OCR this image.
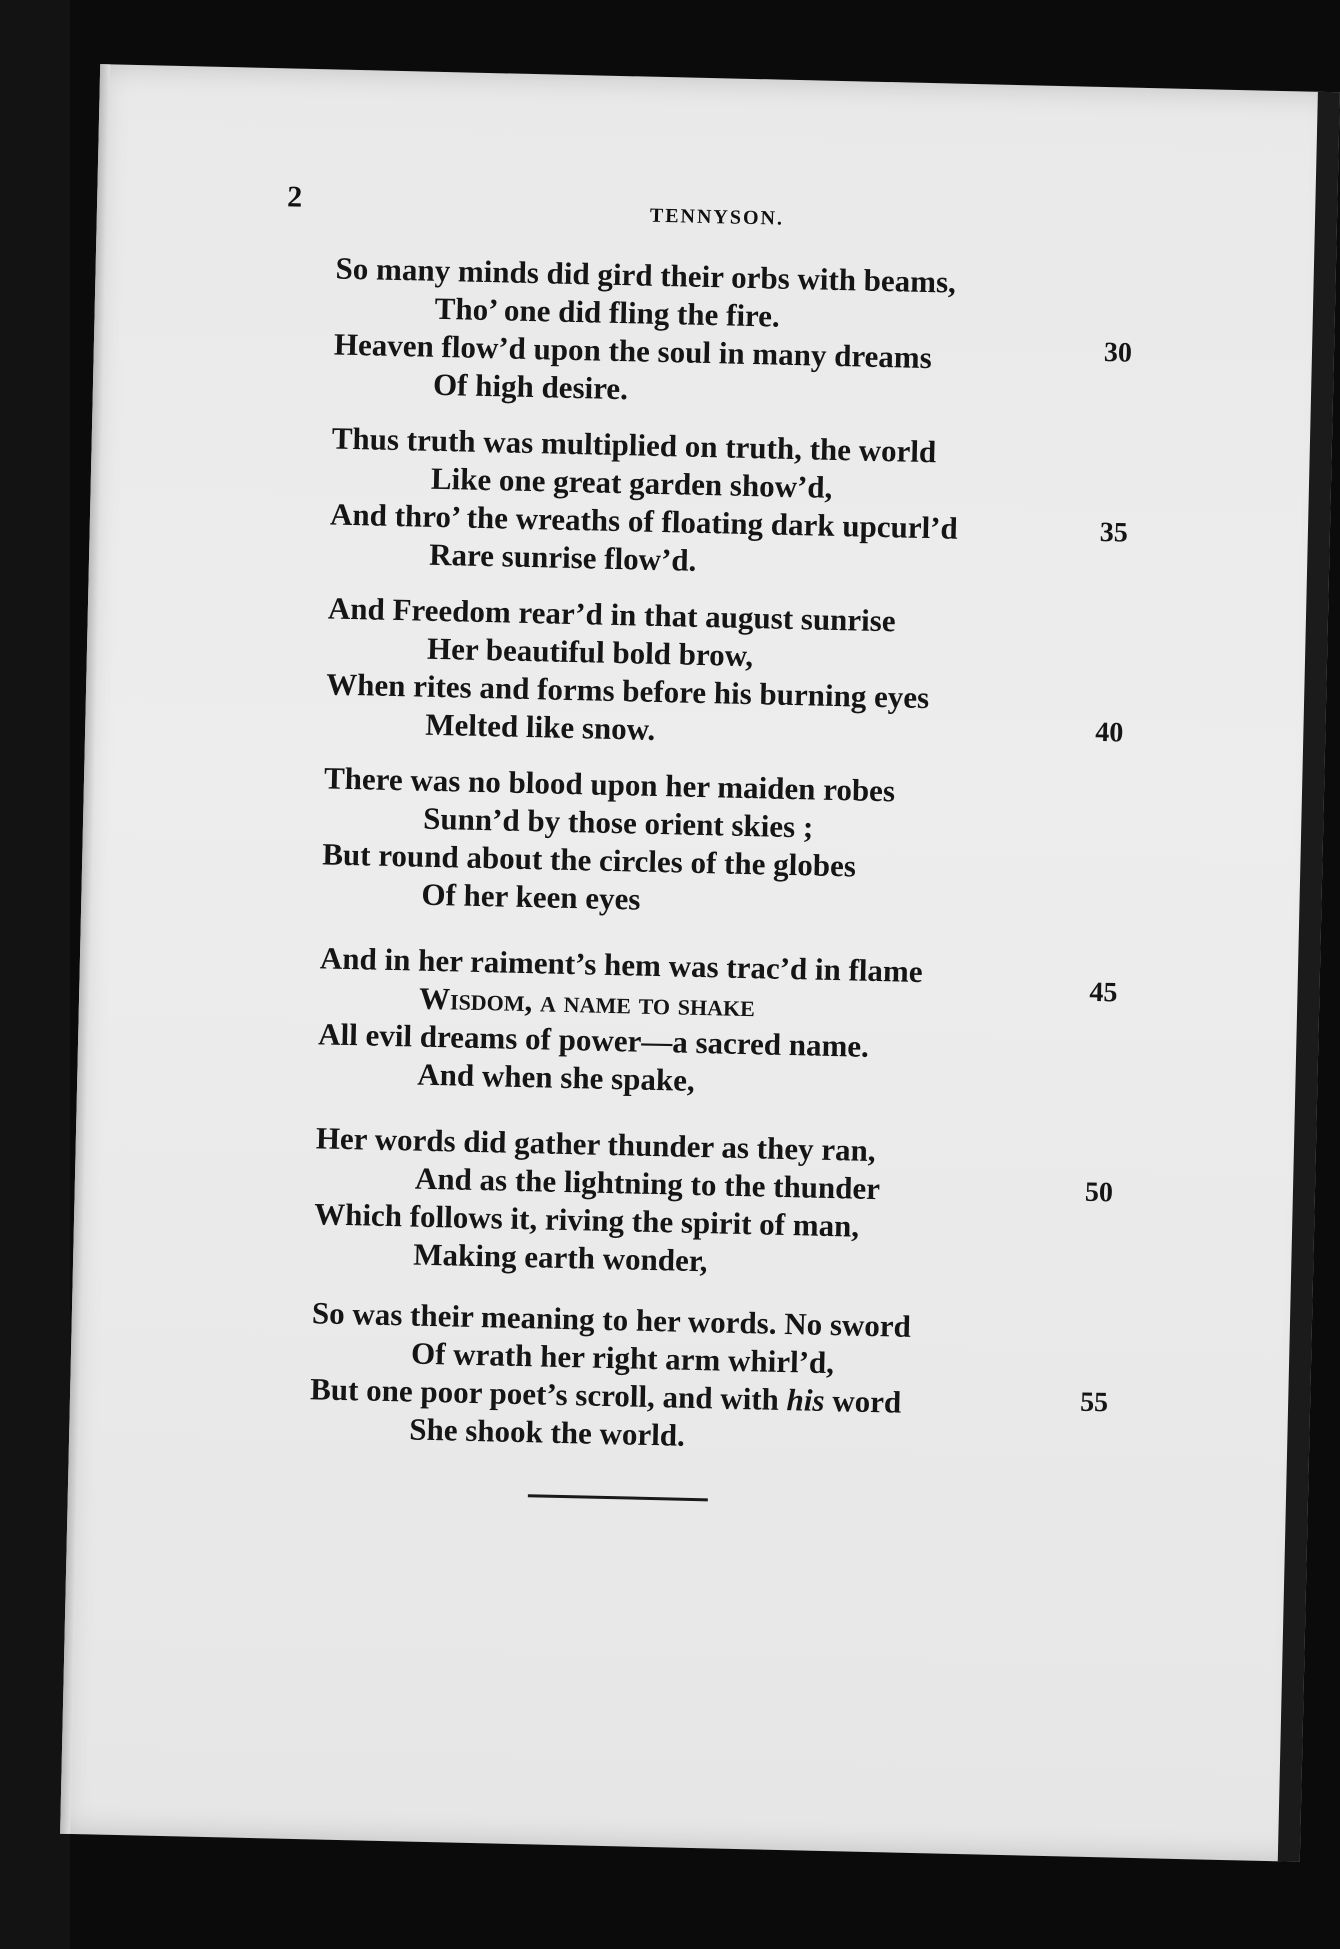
2
TENNYSON.
So many minds did gird their orbs with beams,
Tho’ one did fling the fire.
Heaven flow’d upon the soul in many dreams
Of high desire.
30
Thus truth was multiplied on truth, the world
Like one great garden show’d,
And thro’ the wreaths of floating dark upcurl’d
Rare sunrise flow’d.
35
And Freedom rear’d in that august sunrise
Her beautiful bold brow,
When rites and forms before his burning eyes
Melted like snow.	40
There was no blood upon her maiden robes
Sunn’d by those orient skies ;
But round about the circles of the globes
Of her keen eyes
And in her raiment’s hem was trac’d in flame
Wisdom, a name to shake
All evil dreams of power—a sacred name.
And when she spake,
45
Her words did gather thunder as they ran,
And as the lightning to the thunder
Which follows it, riving the spirit of man,
Making earth wonder,
50
So was their meaning to her words. No sword
Of wrath her right arm whirl’d,
But one poor poet’s scroll, and with his word
She shook the world.
55
